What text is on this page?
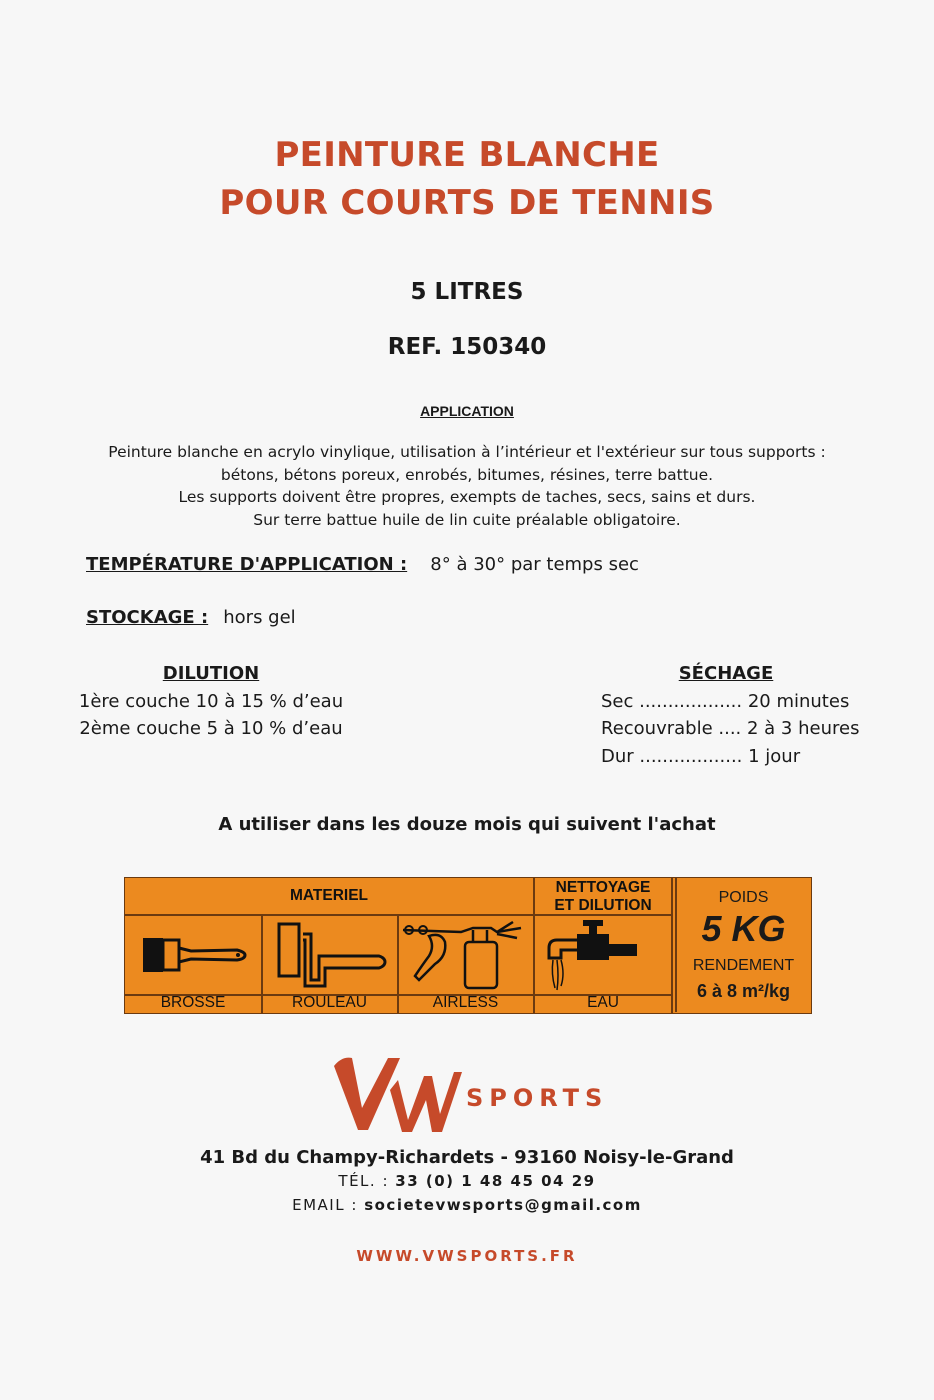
PEINTURE BLANCHE
POUR COURTS DE TENNIS
5 LITRES
REF. 150340
APPLICATION
Peinture blanche en acrylo vinylique, utilisation à l’intérieur et l'extérieur sur tous supports :
bétons, bétons poreux, enrobés, bitumes, résines, terre battue.
Les supports doivent être propres, exempts de taches, secs, sains et durs.
Sur terre battue huile de lin cuite préalable obligatoire.
TEMPÉRATURE D'APPLICATION : 8° à 30° par temps sec
STOCKAGE : hors gel
DILUTION
1ère couche 10 à 15 % d’eau
2ème couche 5 à 10 % d’eau
SÉCHAGE
Sec .................. 20 minutes
Recouvrable .... 2 à 3 heures
Dur .................. 1 jour
A utiliser dans les douze mois qui suivent l'achat
MATERIEL	NETTOYAGE
ET DILUTION
BROSSE	ROULEAU	AIRLESS	EAU
POIDS
5 KG
RENDEMENT
6 à 8 m²/kg
SPORTS
41 Bd du Champy-Richardets - 93160 Noisy-le-Grand
TÉL. : 33 (0) 1 48 45 04 29
EMAIL : societevwsports@gmail.com
WWW.VWSPORTS.FR
